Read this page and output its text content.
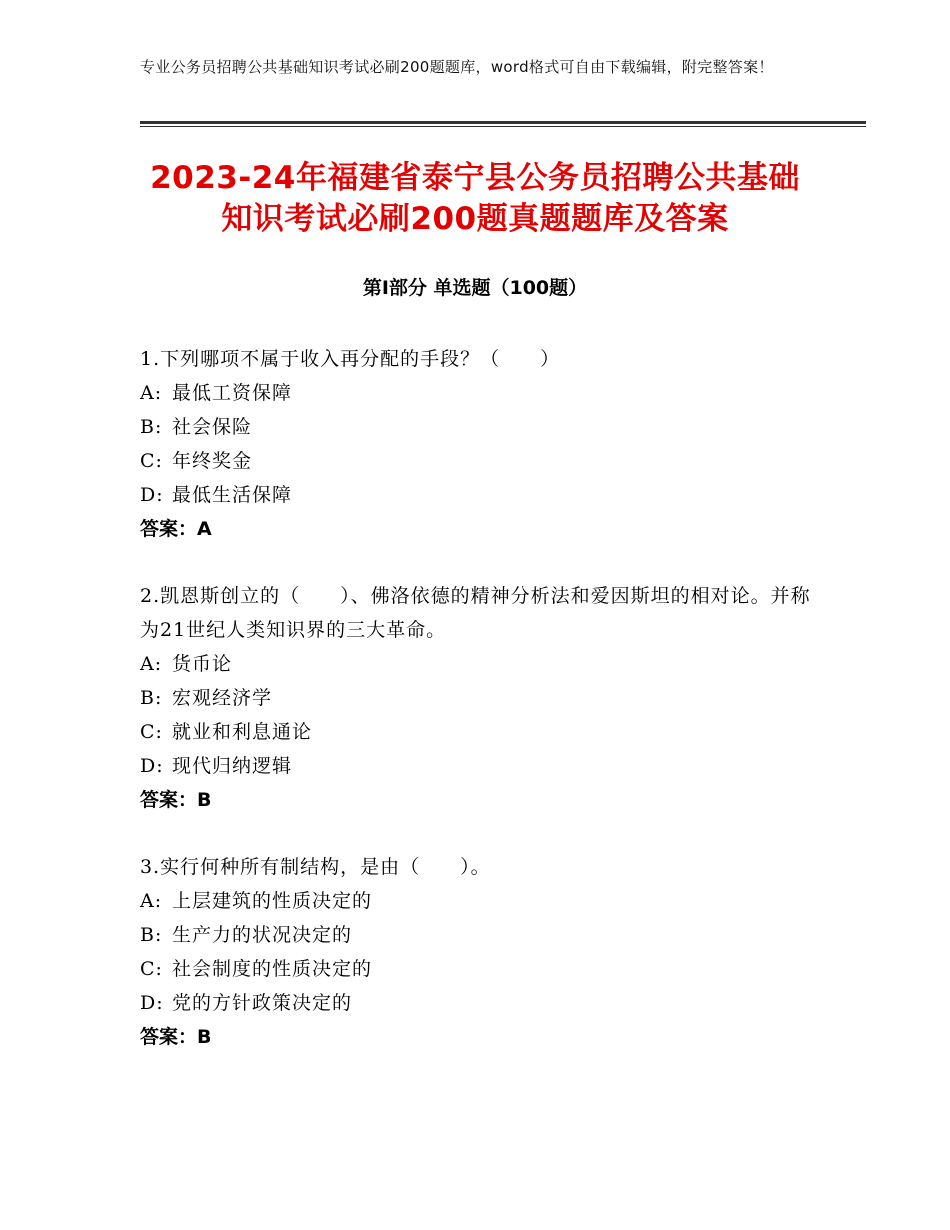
专业公务员招聘公共基础知识考试必刷200题题库，word格式可自由下载编辑，附完整答案！
2023-24年福建省泰宁县公务员招聘公共基础知识考试必刷200题真题题库及答案
第Ⅰ部分 单选题（100题）
1.下列哪项不属于收入再分配的手段？（　　）
A: 最低工资保障
B: 社会保险
C: 年终奖金
D: 最低生活保障
答案：A
2.凯恩斯创立的（　　）、佛洛依德的精神分析法和爱因斯坦的相对论。并称为21世纪人类知识界的三大革命。
A: 货币论
B: 宏观经济学
C: 就业和利息通论
D: 现代归纳逻辑
答案：B
3.实行何种所有制结构，是由（　　）。
A: 上层建筑的性质决定的
B: 生产力的状况决定的
C: 社会制度的性质决定的
D: 党的方针政策决定的
答案：B
